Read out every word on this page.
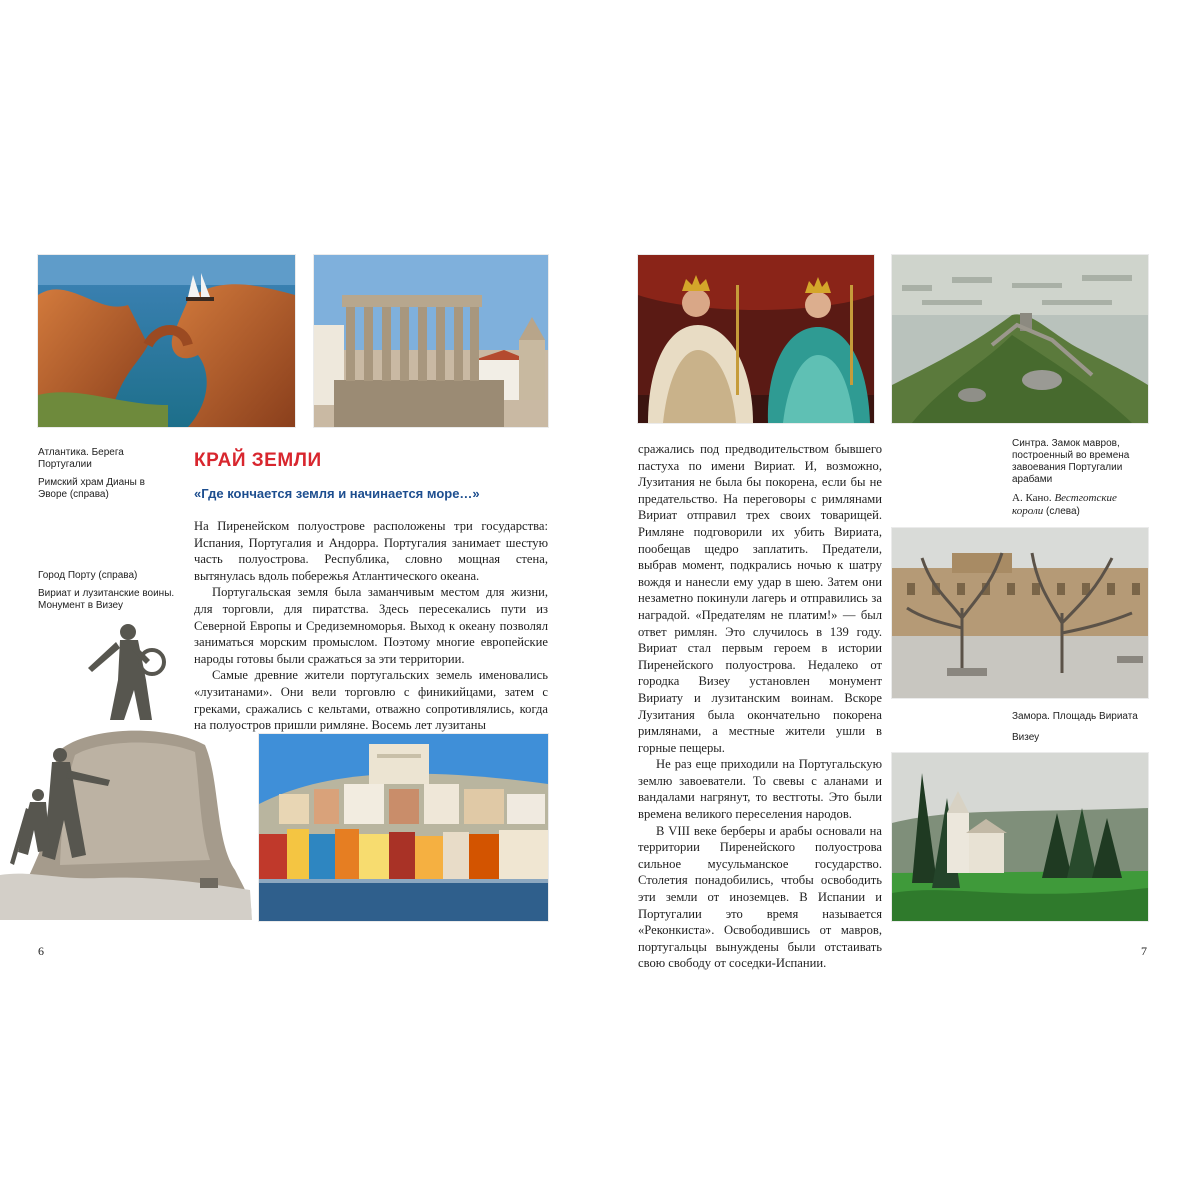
Атлантика. Берега Португалии

Римский храм Дианы в Эворе (справа)

Город Порту (справа)

Вириат и лузитанские воины. Монумент в Визеу

КРАЙ ЗЕМЛИ
«Где кончается земля и начинается море…»

На Пиренейском полуострове расположены три государства: Испания, Португалия и Андорра. Португалия занимает шестую часть полуострова. Республика, словно мощная стена, вытянулась вдоль побережья Атлантического океана.

Португальская земля была заманчивым местом для жизни, для торговли, для пиратства. Здесь пересекались пути из Северной Европы и Средиземноморья. Выход к океану позволял заниматься морским промыслом. Поэтому многие европейские народы готовы были сражаться за эти территории.

Самые древние жители португальских земель именовались «лузитанами». Они вели торговлю с финикийцами, затем с греками, сражались с кельтами, отважно сопротивлялись, когда на полуостров пришли римляне. Восемь лет лузитаны

6

Синтра. Замок мавров, построенный во времена завоевания Португалии арабами

А. Кано. Вестготские короли (слева)

сражались под предводительством бывшего пастуха по имени Вириат. И, возможно, Лузитания не была бы покорена, если бы не предательство. На переговоры с римлянами Вириат отправил трех своих товарищей. Римляне подговорили их убить Вириата, пообещав щедро заплатить. Предатели, выбрав момент, подкрались ночью к шатру вождя и нанесли ему удар в шею. Затем они незаметно покинули лагерь и отправились за наградой. «Предателям не платим!» — был ответ римлян. Это случилось в 139 году. Вириат стал первым героем в истории Пиренейского полуострова. Недалеко от городка Визеу установлен монумент Вириату и лузитанским воинам. Вскоре Лузитания была окончательно покорена римлянами, а местные жители ушли в горные пещеры.

Не раз еще приходили на Португальскую землю завоеватели. То свевы с аланами и вандалами нагрянут, то вестготы. Это были времена великого переселения народов.

В VIII веке берберы и арабы основали на территории Пиренейского полуострова сильное мусульманское государство. Столетия понадобились, чтобы освободить эти земли от иноземцев. В Испании и Португалии это время называется «Реконкиста». Освободившись от мавров, португальцы вынуждены были отстаивать свою свободу от соседки-Испании.

Замора. Площадь Вириата

Визеу

7
